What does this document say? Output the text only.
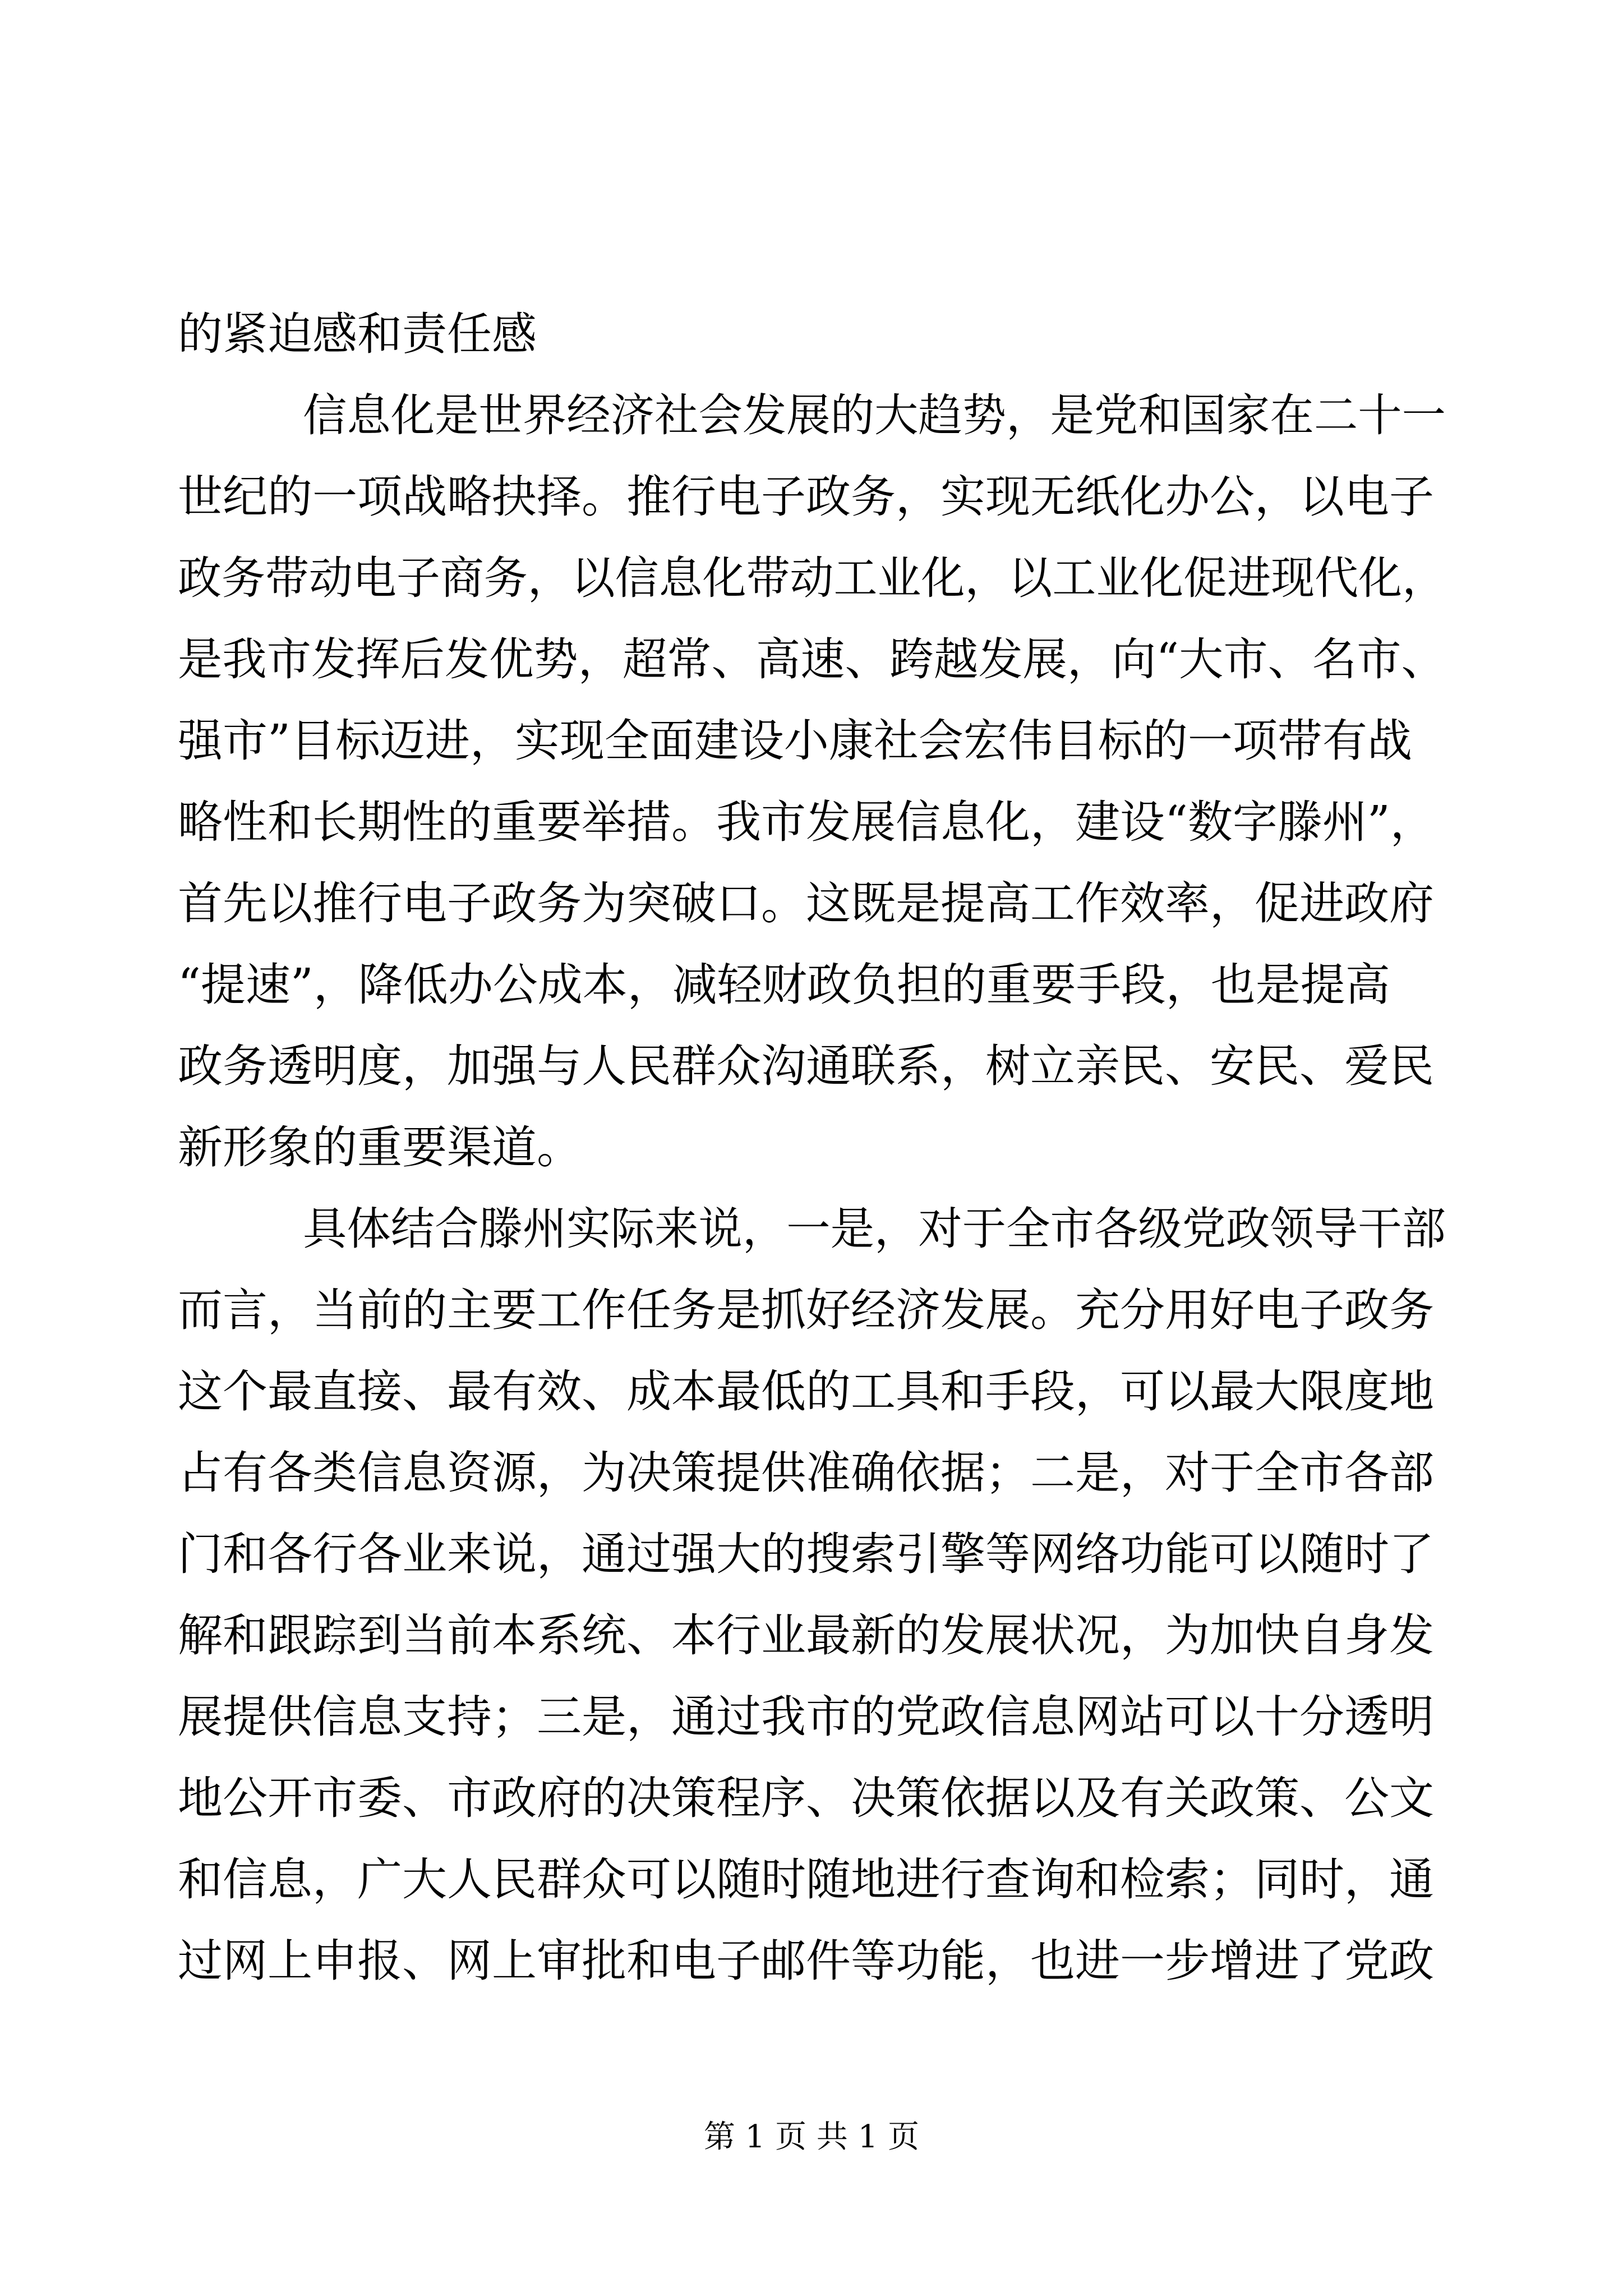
的紧迫感和责任感
信息化是世界经济社会发展的大趋势，是党和国家在二十一
世纪的一项战略抉择。推行电子政务，实现无纸化办公，以电子
政务带动电子商务，以信息化带动工业化，以工业化促进现代化，
是我市发挥后发优势，超常、高速、跨越发展，向“大市、名市、
强市”目标迈进，实现全面建设小康社会宏伟目标的一项带有战
略性和长期性的重要举措。我市发展信息化，建设“数字滕州”，
首先以推行电子政务为突破口。这既是提高工作效率，促进政府
“提速”，降低办公成本，减轻财政负担的重要手段，也是提高
政务透明度，加强与人民群众沟通联系，树立亲民、安民、爱民
新形象的重要渠道。
具体结合滕州实际来说，一是，对于全市各级党政领导干部
而言，当前的主要工作任务是抓好经济发展。充分用好电子政务
这个最直接、最有效、成本最低的工具和手段，可以最大限度地
占有各类信息资源，为决策提供准确依据；二是，对于全市各部
门和各行各业来说，通过强大的搜索引擎等网络功能可以随时了
解和跟踪到当前本系统、本行业最新的发展状况，为加快自身发
展提供信息支持；三是，通过我市的党政信息网站可以十分透明
地公开市委、市政府的决策程序、决策依据以及有关政策、公文
和信息，广大人民群众可以随时随地进行查询和检索；同时，通
过网上申报、网上审批和电子邮件等功能，也进一步增进了党政
第 1 页 共 1 页
